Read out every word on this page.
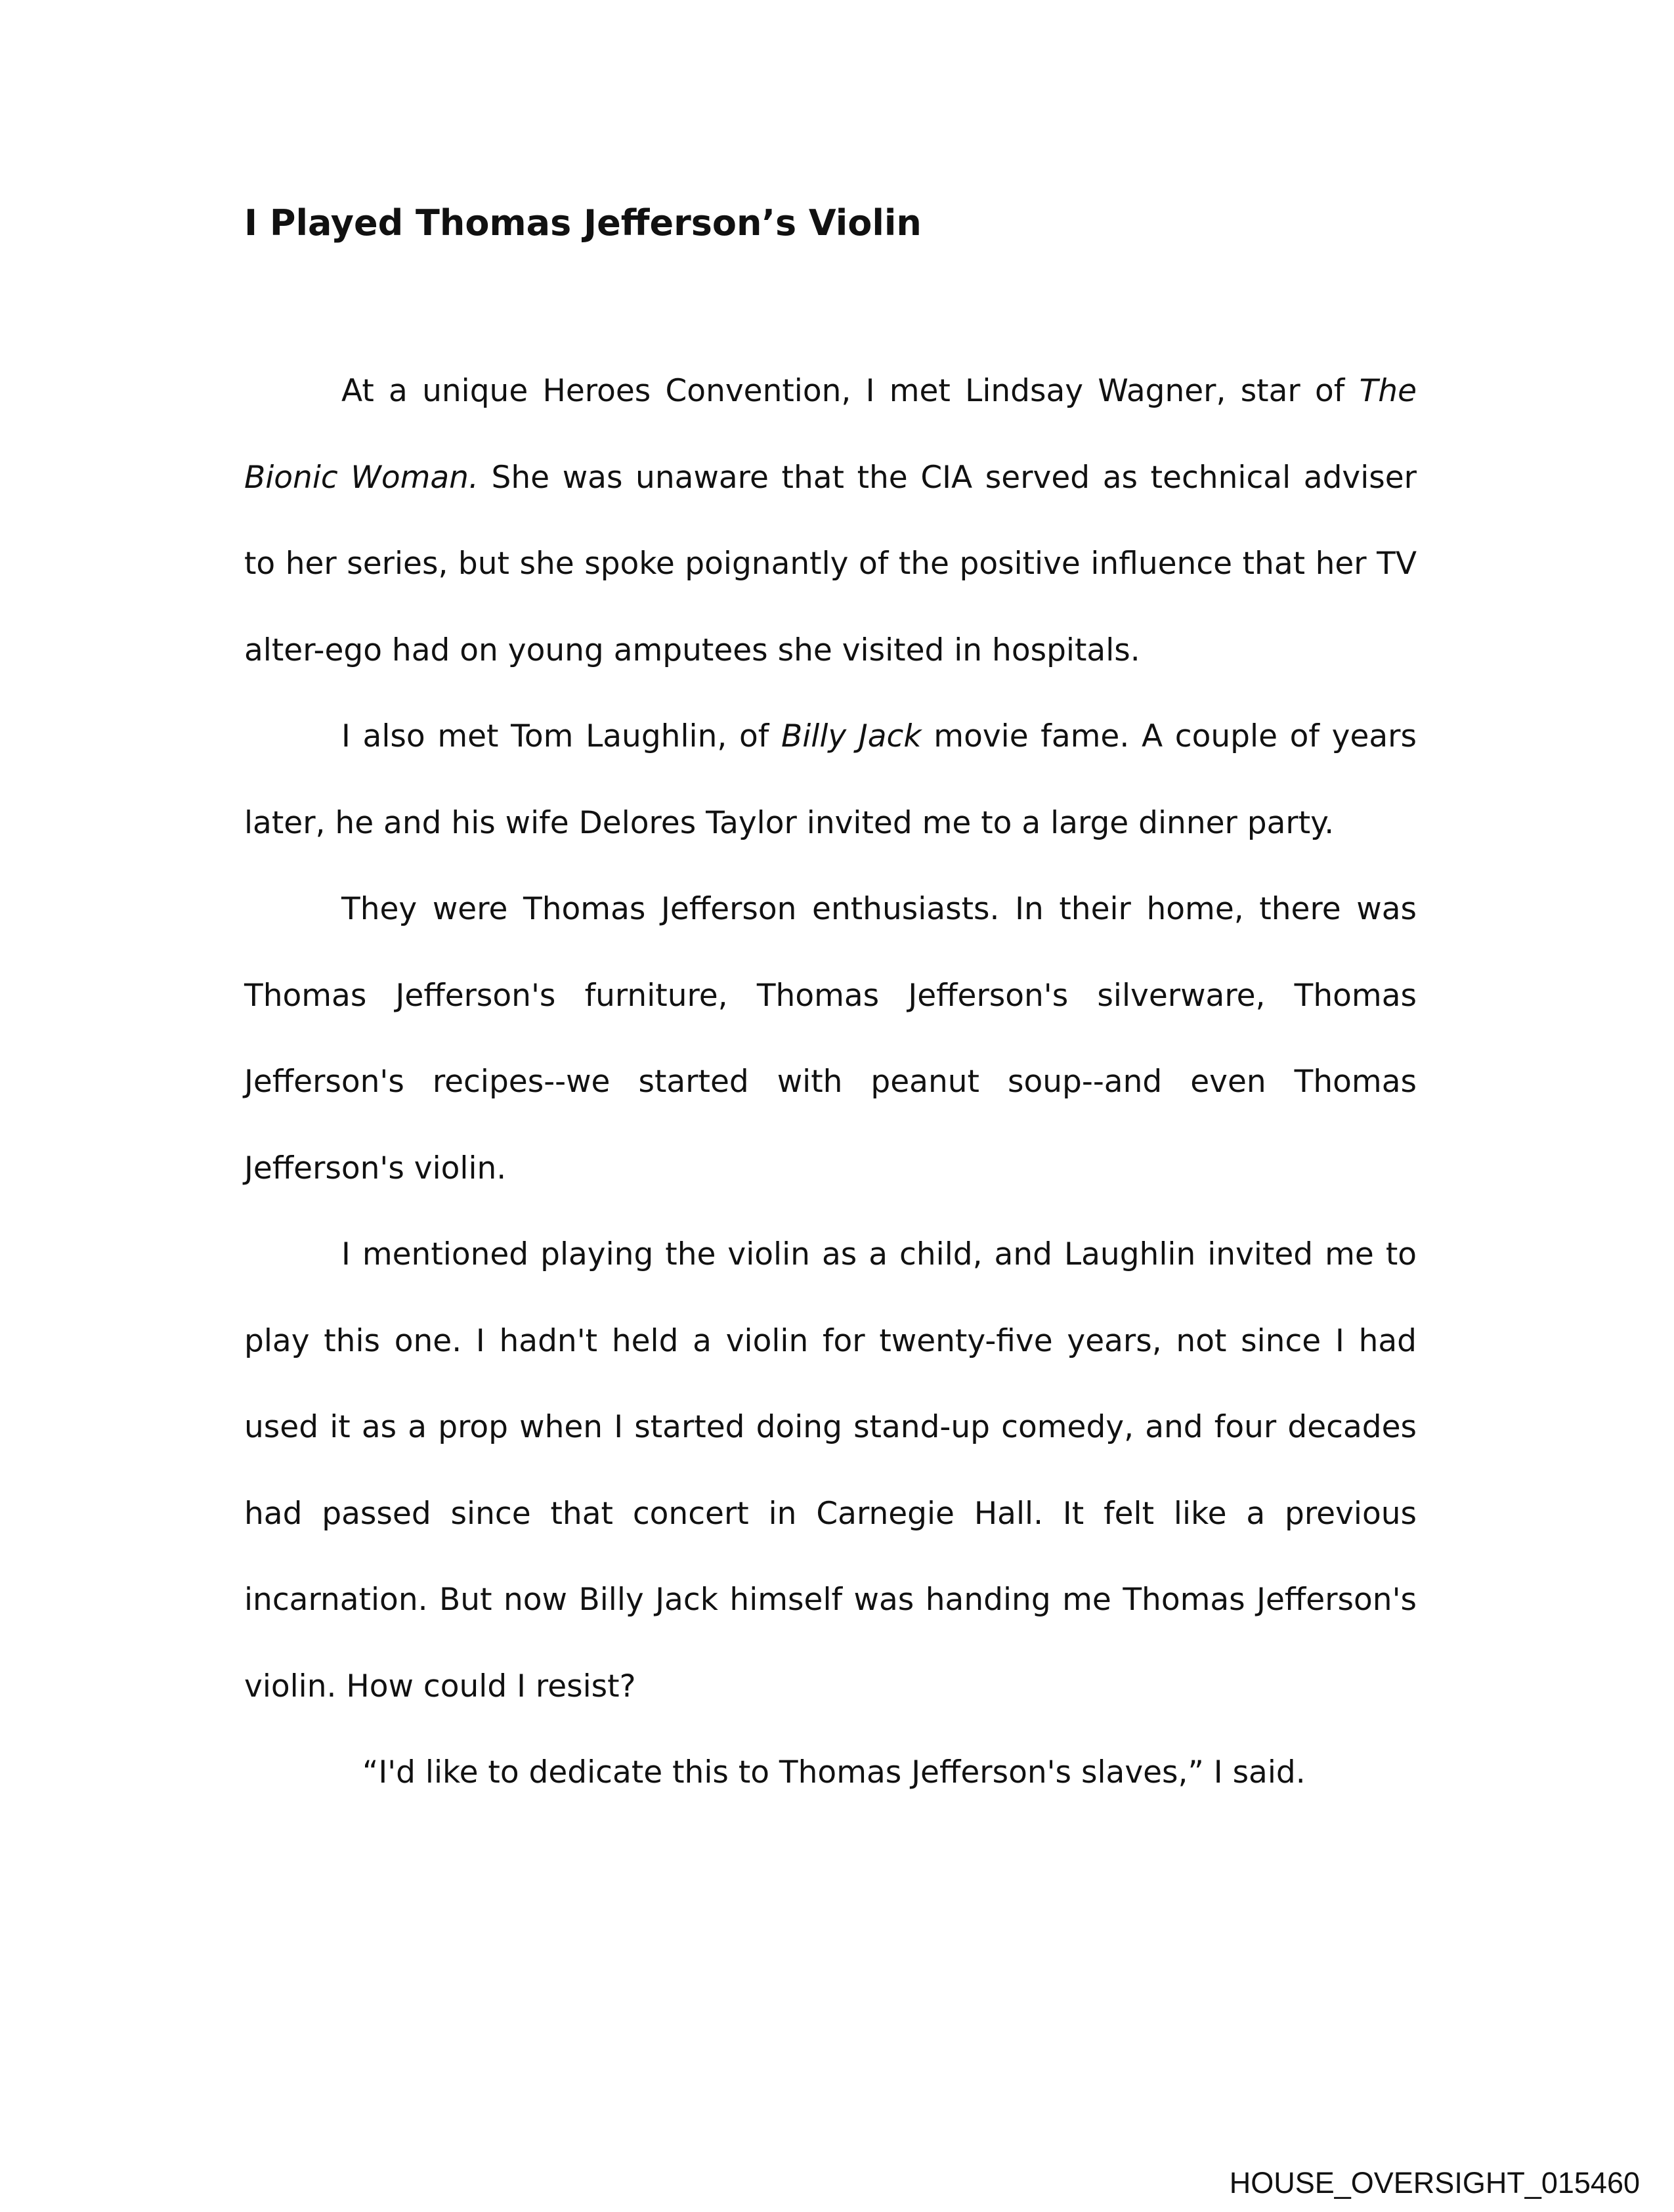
I Played Thomas Jefferson’s Violin

At a unique Heroes Convention, I met Lindsay Wagner, star of The Bionic Woman. She was unaware that the CIA served as technical adviser to her series, but she spoke poignantly of the positive influence that her TV alter-ego had on young amputees she visited in hospitals.

I also met Tom Laughlin, of Billy Jack movie fame. A couple of years later, he and his wife Delores Taylor invited me to a large dinner party.

They were Thomas Jefferson enthusiasts. In their home, there was Thomas Jefferson's furniture, Thomas Jefferson's silverware, Thomas Jefferson's recipes--we started with peanut soup--and even Thomas Jefferson's violin.

I mentioned playing the violin as a child, and Laughlin invited me to play this one. I hadn't held a violin for twenty-five years, not since I had used it as a prop when I started doing stand-up comedy, and four decades had passed since that concert in Carnegie Hall. It felt like a previous incarnation. But now Billy Jack himself was handing me Thomas Jefferson's violin. How could I resist?

“I'd like to dedicate this to Thomas Jefferson's slaves,” I said.

HOUSE_OVERSIGHT_015460
